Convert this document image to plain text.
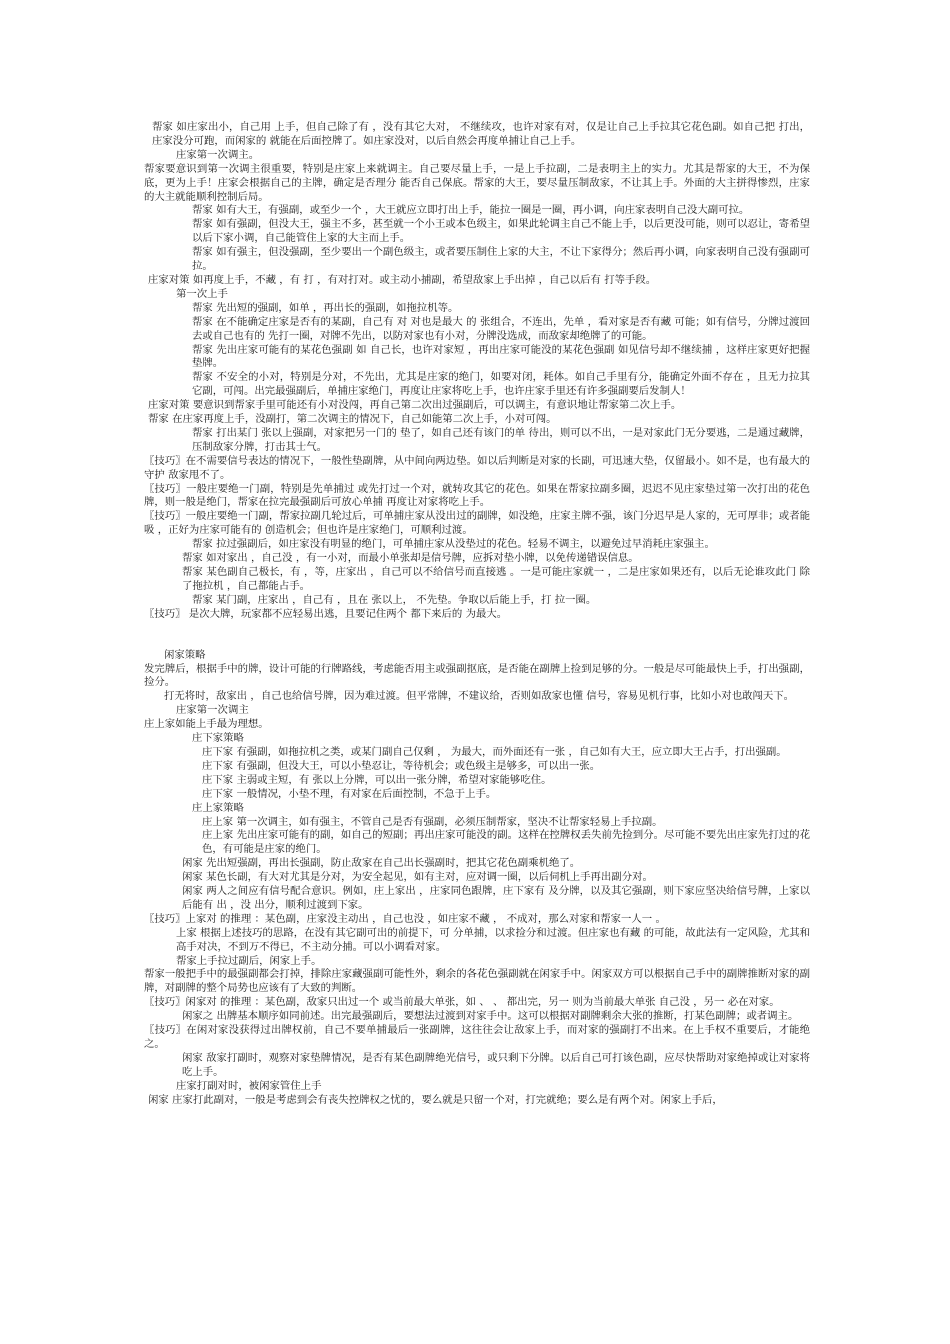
帮家 如庄家出小，自己用 上手，但自己除了有 ，没有其它大对， 不继续攻，也许对家有对，仅是让自己上手拉其它花色副。如自己把 打出，庄家没分可跑，而闲家的 就能在后面控牌了。如庄家没对，以后自然会再度单捕让自己上手。

庄家第一次调主。

帮家要意识到第一次调主很重要，特别是庄家上来就调主。自己要尽量上手，一是上手拉副，二是表明主上的实力。尤其是帮家的大王，不为保底，更为上手！庄家会根据自己的主牌，确定是否理分 能否自己保底。帮家的大王，要尽量压制敌家，不让其上手。外面的大主拼得惨烈，庄家的大主就能顺利控制后局。

帮家 如有大王，有强副，或至少一个 ，大王就应立即打出上手，能拉一圈是一圈，再小调，向庄家表明自己没大副可拉。

帮家 如有强副，但没大王，强主不多，甚至就一个小王或本色级主，如果此轮调主自己不能上手，以后更没可能，则可以忍让，寄希望以后下家小调，自己能管住上家的大主而上手。

帮家 如有强主，但没强副，至少要出一个副色级主，或者要压制住上家的大主，不让下家得分；然后再小调，向家表明自己没有强副可拉。

庄家对策 如再度上手，不藏 ，有 打 ，有对打对。或主动小捕副，希望敌家上手出掉 ，自己以后有 打等手段。

第一次上手

帮家 先出短的强副，如单 ，再出长的强副，如拖拉机等。

帮家 在不能确定庄家是否有的某副，自己有 对 对也是最大 的 张组合，不连出，先单 ，看对家是否有藏 可能；如有信号，分牌过渡回去或自己也有的 先打一圈，对牌不先出，以防对家也有小对，分牌没选成，而敌家却绝牌了的可能。

帮家 先出庄家可能有的某花色强副 如 自己长，也许对家短 ，再出庄家可能没的某花色强副 如见信号却不继续捕 ，这样庄家更好把握垫牌。

帮家 不安全的小对，特别是分对，不先出，尤其是庄家的绝门，如要对闭，耗体。如自己手里有分，能确定外面不存在 ，且无力拉其它副，可闯。出完最强副后，单捕庄家绝门，再度让庄家将吃上手，也许庄家手里还有许多强副要后发制人！

庄家对策 要意识到帮家手里可能还有小对没闯，再自己第二次出过强副后，可以调主，有意识地让帮家第二次上手。

帮家 在庄家再度上手，没副打，第二次调主的情况下，自己如能第二次上手，小对可闯。

帮家 打出某门 张以上强副，对家把另一门的 垫了，如自己还有该门的单 待出，则可以不出，一是对家此门无分要逃，二是通过藏牌，压制敌家分牌，打击其士气。

〖技巧〗在不需要信号表达的情况下，一般性垫副牌，从中间向两边垫。如以后判断是对家的长副，可迅速大垫，仅留最小。如不是，也有最大的守护 敌家甩不了。

〖技巧〗一般庄要绝一门副，特别是先单捕过 或先打过一个对，就转攻其它的花色。如果在帮家拉副多圈，迟迟不见庄家垫过第一次打出的花色牌，则一般是绝门，帮家在拉完最强副后可放心单捕 再度让对家将吃上手。

〖技巧〗一般庄要绝一门副，帮家拉副几轮过后，可单捕庄家从没出过的副牌，如没绝，庄家主牌不强，该门分迟早是人家的，无可厚非；或者能吸 ，正好为庄家可能有的 创造机会；但也许是庄家绝门，可顺利过渡。

帮家 拉过强副后，如庄家没有明显的绝门，可单捕庄家从没垫过的花色。轻易不调主，以避免过早消耗庄家强主。

帮家 如对家出 ，自己没 ，有一小对，而最小单张却是信号牌，应拆对垫小牌，以免传递错误信息。

帮家 某色副自己极长，有 ，等，庄家出 ，自己可以不给信号而直接逃 。一是可能庄家就一 ，二是庄家如果还有，以后无论谁攻此门 除了拖拉机 ，自己都能占手。

帮家 某门副，庄家出 ，自己有 ，且在 张以上， 不先垫。争取以后能上手，打 拉一圈。

〖技巧〗 是次大牌，玩家都不应轻易出逃，且要记住两个 都下来后的 为最大。

闲家策略

发完牌后，根据手中的牌，设计可能的行牌路线，考虑能否用主或强副抠底，是否能在副牌上捡到足够的分。一般是尽可能最快上手，打出强副，捡分。

打无将时，敌家出 ，自己也给信号牌，因为难过渡。但平常牌，不建议给，否则如敌家也懂 信号，容易见机行事，比如小对也敢闯天下。

庄家第一次调主

庄上家如能上手最为理想。

庄下家策略

庄下家 有强副，如拖拉机之类，或某门副自己仅剩 ， 为最大，而外面还有一张 ，自己如有大王，应立即大王占手，打出强副。

庄下家 有强副，但没大王，可以小垫忍让，等待机会；或色级主是够多，可以出一张。

庄下家 主弱或主短，有 张以上分牌，可以出一张分牌，希望对家能够吃住。

庄下家 一般情况，小垫不理，有对家在后面控制，不急于上手。

庄上家策略

庄上家 第一次调主，如有强主，不管自己是否有强副，必须压制帮家，坚决不让帮家轻易上手拉副。

庄上家 先出庄家可能有的副，如自己的短副；再出庄家可能没的副。这样在控牌权丢失前先捡到分。尽可能不要先出庄家先打过的花色，有可能是庄家的绝门。

闲家 先出短强副，再出长强副，防止敌家在自己出长强副时，把其它花色副乘机绝了。

闲家 某色长副，有大对尤其是分对，为安全起见，如有主对，应对调一圈，以后伺机上手再出副分对。

闲家 两人之间应有信号配合意识。例如，庄上家出 ，庄家同色跟牌，庄下家有 及分牌，以及其它强副，则下家应坚决给信号牌，上家以后能有 出 ，没 出分，顺利过渡到下家。

〖技巧〗上家对 的推理 ：某色副，庄家没主动出 ，自己也没 ，如庄家不藏 ， 不成对，那么对家和帮家一人一 。

上家 根据上述技巧的思路，在没有其它副可出的前提下，可 分单捕，以求捡分和过渡。但庄家也有藏 的可能，故此法有一定风险，尤其和高手对决，不到万不得已，不主动分捕。可以小调看对家。

帮家上手拉过副后，闲家上手。

帮家一般把手中的最强副都会打掉，排除庄家藏强副可能性外，剩余的各花色强副就在闲家手中。闲家双方可以根据自己手中的副牌推断对家的副牌，对副牌的整个局势也应该有了大致的判断。

〖技巧〗闲家对 的推理 ：某色副，敌家只出过一个 或当前最大单张，如 、 、 都出完，另一 则为当前最大单张 自己没 ，另一 必在对家。

闲家之 出牌基本顺序如同前述。出完最强副后，要想法过渡到对家手中。这可以根据对副牌剩余大张的推断，打某色副牌；或者调主。

〖技巧〗在闲对家没获得过出牌权前，自己不要单捕最后一张副牌，这往往会让敌家上手，而对家的强副打不出来。在上手权不重要后，才能绝之。

闲家 敌家打副时，观察对家垫牌情况，是否有某色副牌绝光信号，或只剩下分牌。以后自己可打该色副，应尽快帮助对家绝掉或让对家将吃上手。

庄家打副对时，被闲家管住上手

闲家 庄家打此副对，一般是考虑到会有丧失控牌权之忧的，要么就是只留一个对，打完就绝；要么是有两个对。闲家上手后，
